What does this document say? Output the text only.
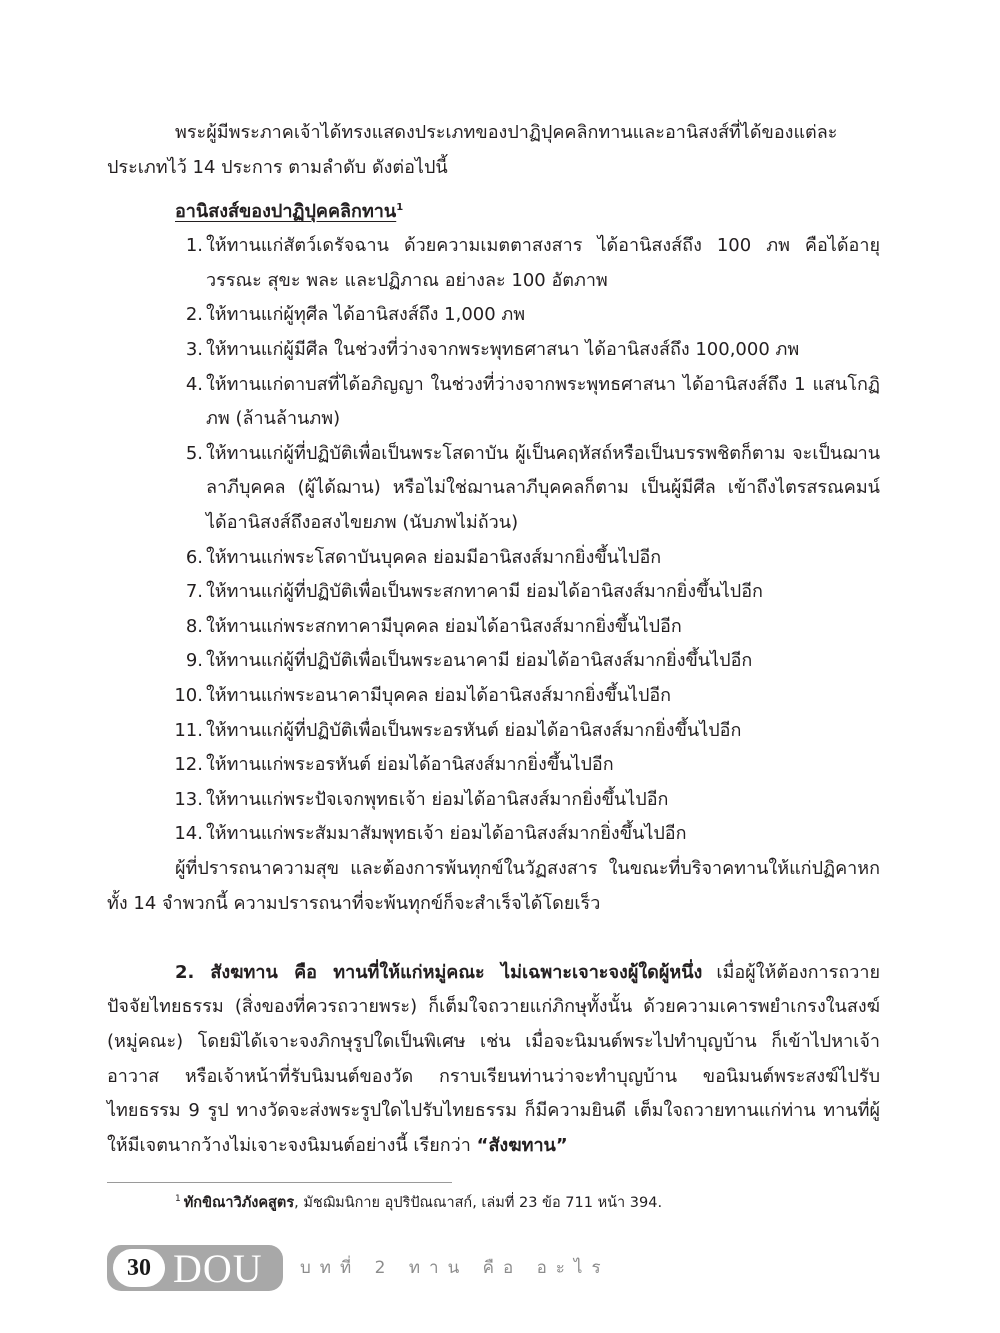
พระผู้มีพระภาคเจ้าได้ทรงแสดงประเภทของปาฏิปุคคลิกทานและอานิสงส์ที่ได้ของแต่ละประเภทไว้ 14 ประการ ตามลำดับ ดังต่อไปนี้

อานิสงส์ของปาฏิปุคคลิกทาน$^1$
1. ให้ทานแก่สัตว์เดรัจฉาน ด้วยความเมตตาสงสาร ได้อานิสงส์ถึง 100 ภพ คือได้อายุ วรรณะ สุขะ พละ และปฏิภาณ อย่างละ 100 อัตภาพ
2. ให้ทานแก่ผู้ทุศีล ได้อานิสงส์ถึง 1,000 ภพ
3. ให้ทานแก่ผู้มีศีล ในช่วงที่ว่างจากพระพุทธศาสนา ได้อานิสงส์ถึง 100,000 ภพ
4. ให้ทานแก่ดาบสที่ได้อภิญญา ในช่วงที่ว่างจากพระพุทธศาสนา ได้อานิสงส์ถึง 1 แสนโกฏิภพ (ล้านล้านภพ)
5. ให้ทานแก่ผู้ที่ปฏิบัติเพื่อเป็นพระโสดาบัน ผู้เป็นคฤหัสถ์หรือเป็นบรรพชิตก็ตาม จะเป็นฌานลาภีบุคคล (ผู้ได้ฌาน) หรือไม่ใช่ฌานลาภีบุคคลก็ตาม เป็นผู้มีศีล เข้าถึงไตรสรณคมน์ ได้อานิสงส์ถึงอสงไขยภพ (นับภพไม่ถ้วน)
6. ให้ทานแก่พระโสดาบันบุคคล ย่อมมีอานิสงส์มากยิ่งขึ้นไปอีก
7. ให้ทานแก่ผู้ที่ปฏิบัติเพื่อเป็นพระสกทาคามี ย่อมได้อานิสงส์มากยิ่งขึ้นไปอีก
8. ให้ทานแก่พระสกทาคามีบุคคล ย่อมได้อานิสงส์มากยิ่งขึ้นไปอีก
9. ให้ทานแก่ผู้ที่ปฏิบัติเพื่อเป็นพระอนาคามี ย่อมได้อานิสงส์มากยิ่งขึ้นไปอีก
10. ให้ทานแก่พระอนาคามีบุคคล ย่อมได้อานิสงส์มากยิ่งขึ้นไปอีก
11. ให้ทานแก่ผู้ที่ปฏิบัติเพื่อเป็นพระอรหันต์ ย่อมได้อานิสงส์มากยิ่งขึ้นไปอีก
12. ให้ทานแก่พระอรหันต์ ย่อมได้อานิสงส์มากยิ่งขึ้นไปอีก
13. ให้ทานแก่พระปัจเจกพุทธเจ้า ย่อมได้อานิสงส์มากยิ่งขึ้นไปอีก
14. ให้ทานแก่พระสัมมาสัมพุทธเจ้า ย่อมได้อานิสงส์มากยิ่งขึ้นไปอีก

ผู้ที่ปรารถนาความสุข และต้องการพ้นทุกข์ในวัฏสงสาร ในขณะที่บริจาคทานให้แก่ปฏิคาหกทั้ง 14 จำพวกนี้ ความปรารถนาที่จะพ้นทุกข์ก็จะสำเร็จได้โดยเร็ว

2. สังฆทาน คือ ทานที่ให้แก่หมู่คณะ ไม่เฉพาะเจาะจงผู้ใดผู้หนึ่ง เมื่อผู้ให้ต้องการถวายปัจจัยไทยธรรม (สิ่งของที่ควรถวายพระ) ก็เต็มใจถวายแก่ภิกษุทั้งนั้น ด้วยความเคารพยำเกรงในสงฆ์ (หมู่คณะ) โดยมิได้เจาะจงภิกษุรูปใดเป็นพิเศษ เช่น เมื่อจะนิมนต์พระไปทำบุญบ้าน ก็เข้าไปหาเจ้าอาวาส หรือเจ้าหน้าที่รับนิมนต์ของวัด กราบเรียนท่านว่าจะทำบุญบ้าน ขอนิมนต์พระสงฆ์ไปรับไทยธรรม 9 รูป ทางวัดจะส่งพระรูปใดไปรับไทยธรรม ก็มีความยินดี เต็มใจถวายทานแก่ท่าน ทานที่ผู้ให้มีเจตนากว้างไม่เจาะจงนิมนต์อย่างนี้ เรียกว่า “สังฆทาน”

$^1$ ทักขิณาวิภังคสูตร, มัชฌิมนิกาย อุปริปัณณาสก์, เล่มที่ 23 ข้อ 711 หน้า 394.

30 DOU บทที่ 2 ทาน คือ อะไร
